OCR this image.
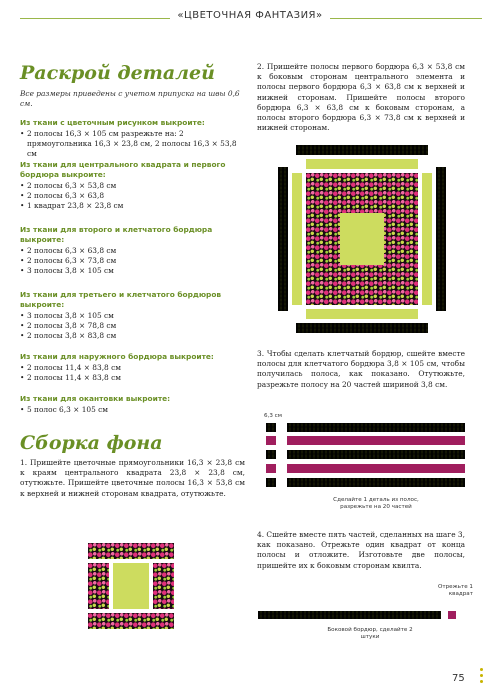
«ЦВЕТОЧНАЯ ФАНТАЗИЯ»
Раскрой деталей
Все размеры приведены с учетом припуска на швы 0,6 см.
Из ткани с цветочным рисунком выкроите:
• 2 полосы 16,3 × 105 см разрежьте на: 2 прямоугольника 16,3 × 23,8 см, 2 полосы 16,3 × 53,8 см
Из ткани для центрального квадрата и первого бордюра выкроите:
• 2 полосы 6,3 × 53,8 см
• 2 полосы 6,3 × 63,8
• 1 квадрат 23,8 × 23,8 см
Из ткани для второго и клетчатого бордюра выкроите:
• 2 полосы 6,3 × 63,8 см
• 2 полосы 6,3 × 73,8 см
• 3 полосы 3,8 × 105 см
Из ткани для третьего и клетчатого бордюров выкроите:
• 3 полосы 3,8 × 105 см
• 2 полосы 3,8 × 78,8 см
• 2 полосы 3,8 × 83,8 см
Из ткани для наружного бордюра выкроите:
• 2 полосы 11,4 × 83,8 см
• 2 полосы 11,4 × 83,8 см
Из ткани для окантовки выкроите:
• 5 полос 6,3 × 105 см
Сборка фона
1. Пришейте цветочные прямоугольники 16,3 × 23,8 см к краям центрального квадрата 23,8 × 23,8 см, отутюжьте. Пришейте цветочные полосы 16,3 × 53,8 см к верхней и нижней сторонам квадрата, отутюжьте.
2. Пришейте полосы первого бордюра 6,3 × 53,8 см к боковым сторонам центрального элемента и полосы первого бордюра 6,3 × 63,8 см к верхней и нижней сторонам. Пришейте полосы второго бордюра 6,3 × 63,8 см к боковым сторонам, а полосы второго бордюра 6,3 × 73,8 см к верхней и нижней сторонам.
3. Чтобы сделать клетчатый бордюр, сшейте вместе полосы для клетчатого бордюра 3,8 × 105 см, чтобы получилась полоса, как показано. Отутюжьте, разрежьте полосу на 20 частей шириной 3,8 см.
6,3 см
Сделайте 1 деталь из полос, разрежьте на 20 частей
4. Сшейте вместе пять частей, сделанных на шаге 3, как показано. Отрежьте один квадрат от конца полосы и отложите. Изготовьте две полосы, пришейте их к боковым сторонам квилта.
Отрежьте 1 квадрат
Боковой бордюр, сделайте 2 штуки
75
